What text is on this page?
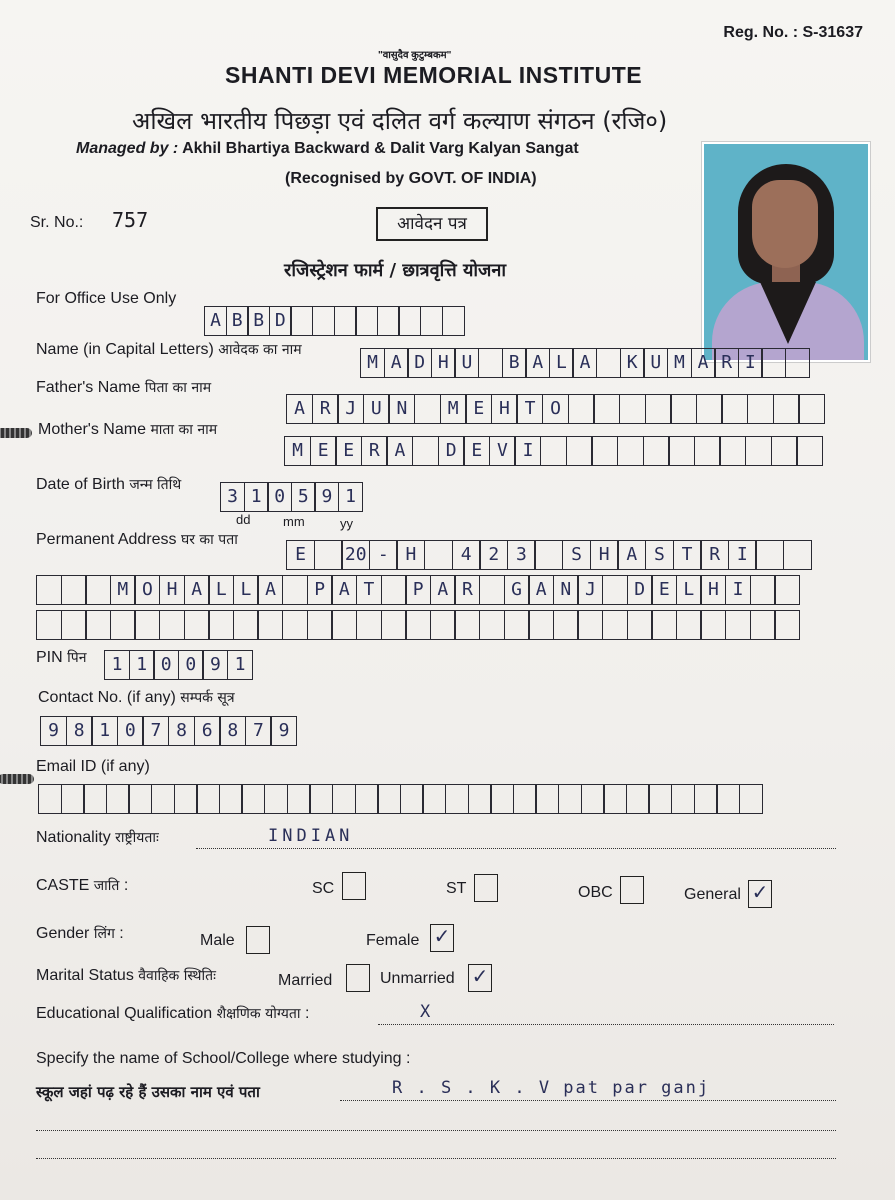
Reg. No. : S-31637
"वासुदैव कुटुम्बकम"
SHANTI DEVI MEMORIAL INSTITUTE
अखिल भारतीय पिछड़ा एवं दलित वर्ग कल्याण संगठन (रजि०)
Managed by : Akhil Bhartiya Backward & Dalit Varg Kalyan Sangat
(Recognised by GOVT. OF INDIA)
Sr. No.: 757	आवेदन पत्र
रजिस्ट्रेशन फार्म / छात्रवृत्ति योजना
For Office Use Only
A B B D
Name (in Capital Letters) आवेदक का नाम
M A D H U	B A L A	K U M A R I
Father's Name पिता का नाम
A R J U N	M E H T O
Mother's Name माता का नाम
M E E R A	D E V I
Date of Birth जन्म तिथि
3 1 0 5 9 1
dd	mm	yy
Permanent Address घर का पता
E	20 - H	4 2 3	S H A S T R I
M O H A L L A	P A T	P A R	G A N J	D E L H I
PIN पिन	1 1 0 0 9 1
Contact No. (if any) सम्पर्क सूत्र
9 8 1 0 7 8 6 8 7 9
Email ID (if any)
Nationality राष्ट्रीयताः	INDIAN
CASTE जाति :	SC	ST	OBC	General ✓
Gender लिंग :	Male	Female ✓
Marital Status वैवाहिक स्थितिः	Married	Unmarried ✓
Educational Qualification शैक्षणिक योग्यता :	X
Specify the name of School/College where studying :
स्कूल जहां पढ़ रहे हैं उसका नाम एवं पता	R . S . K . V pat par ganj
